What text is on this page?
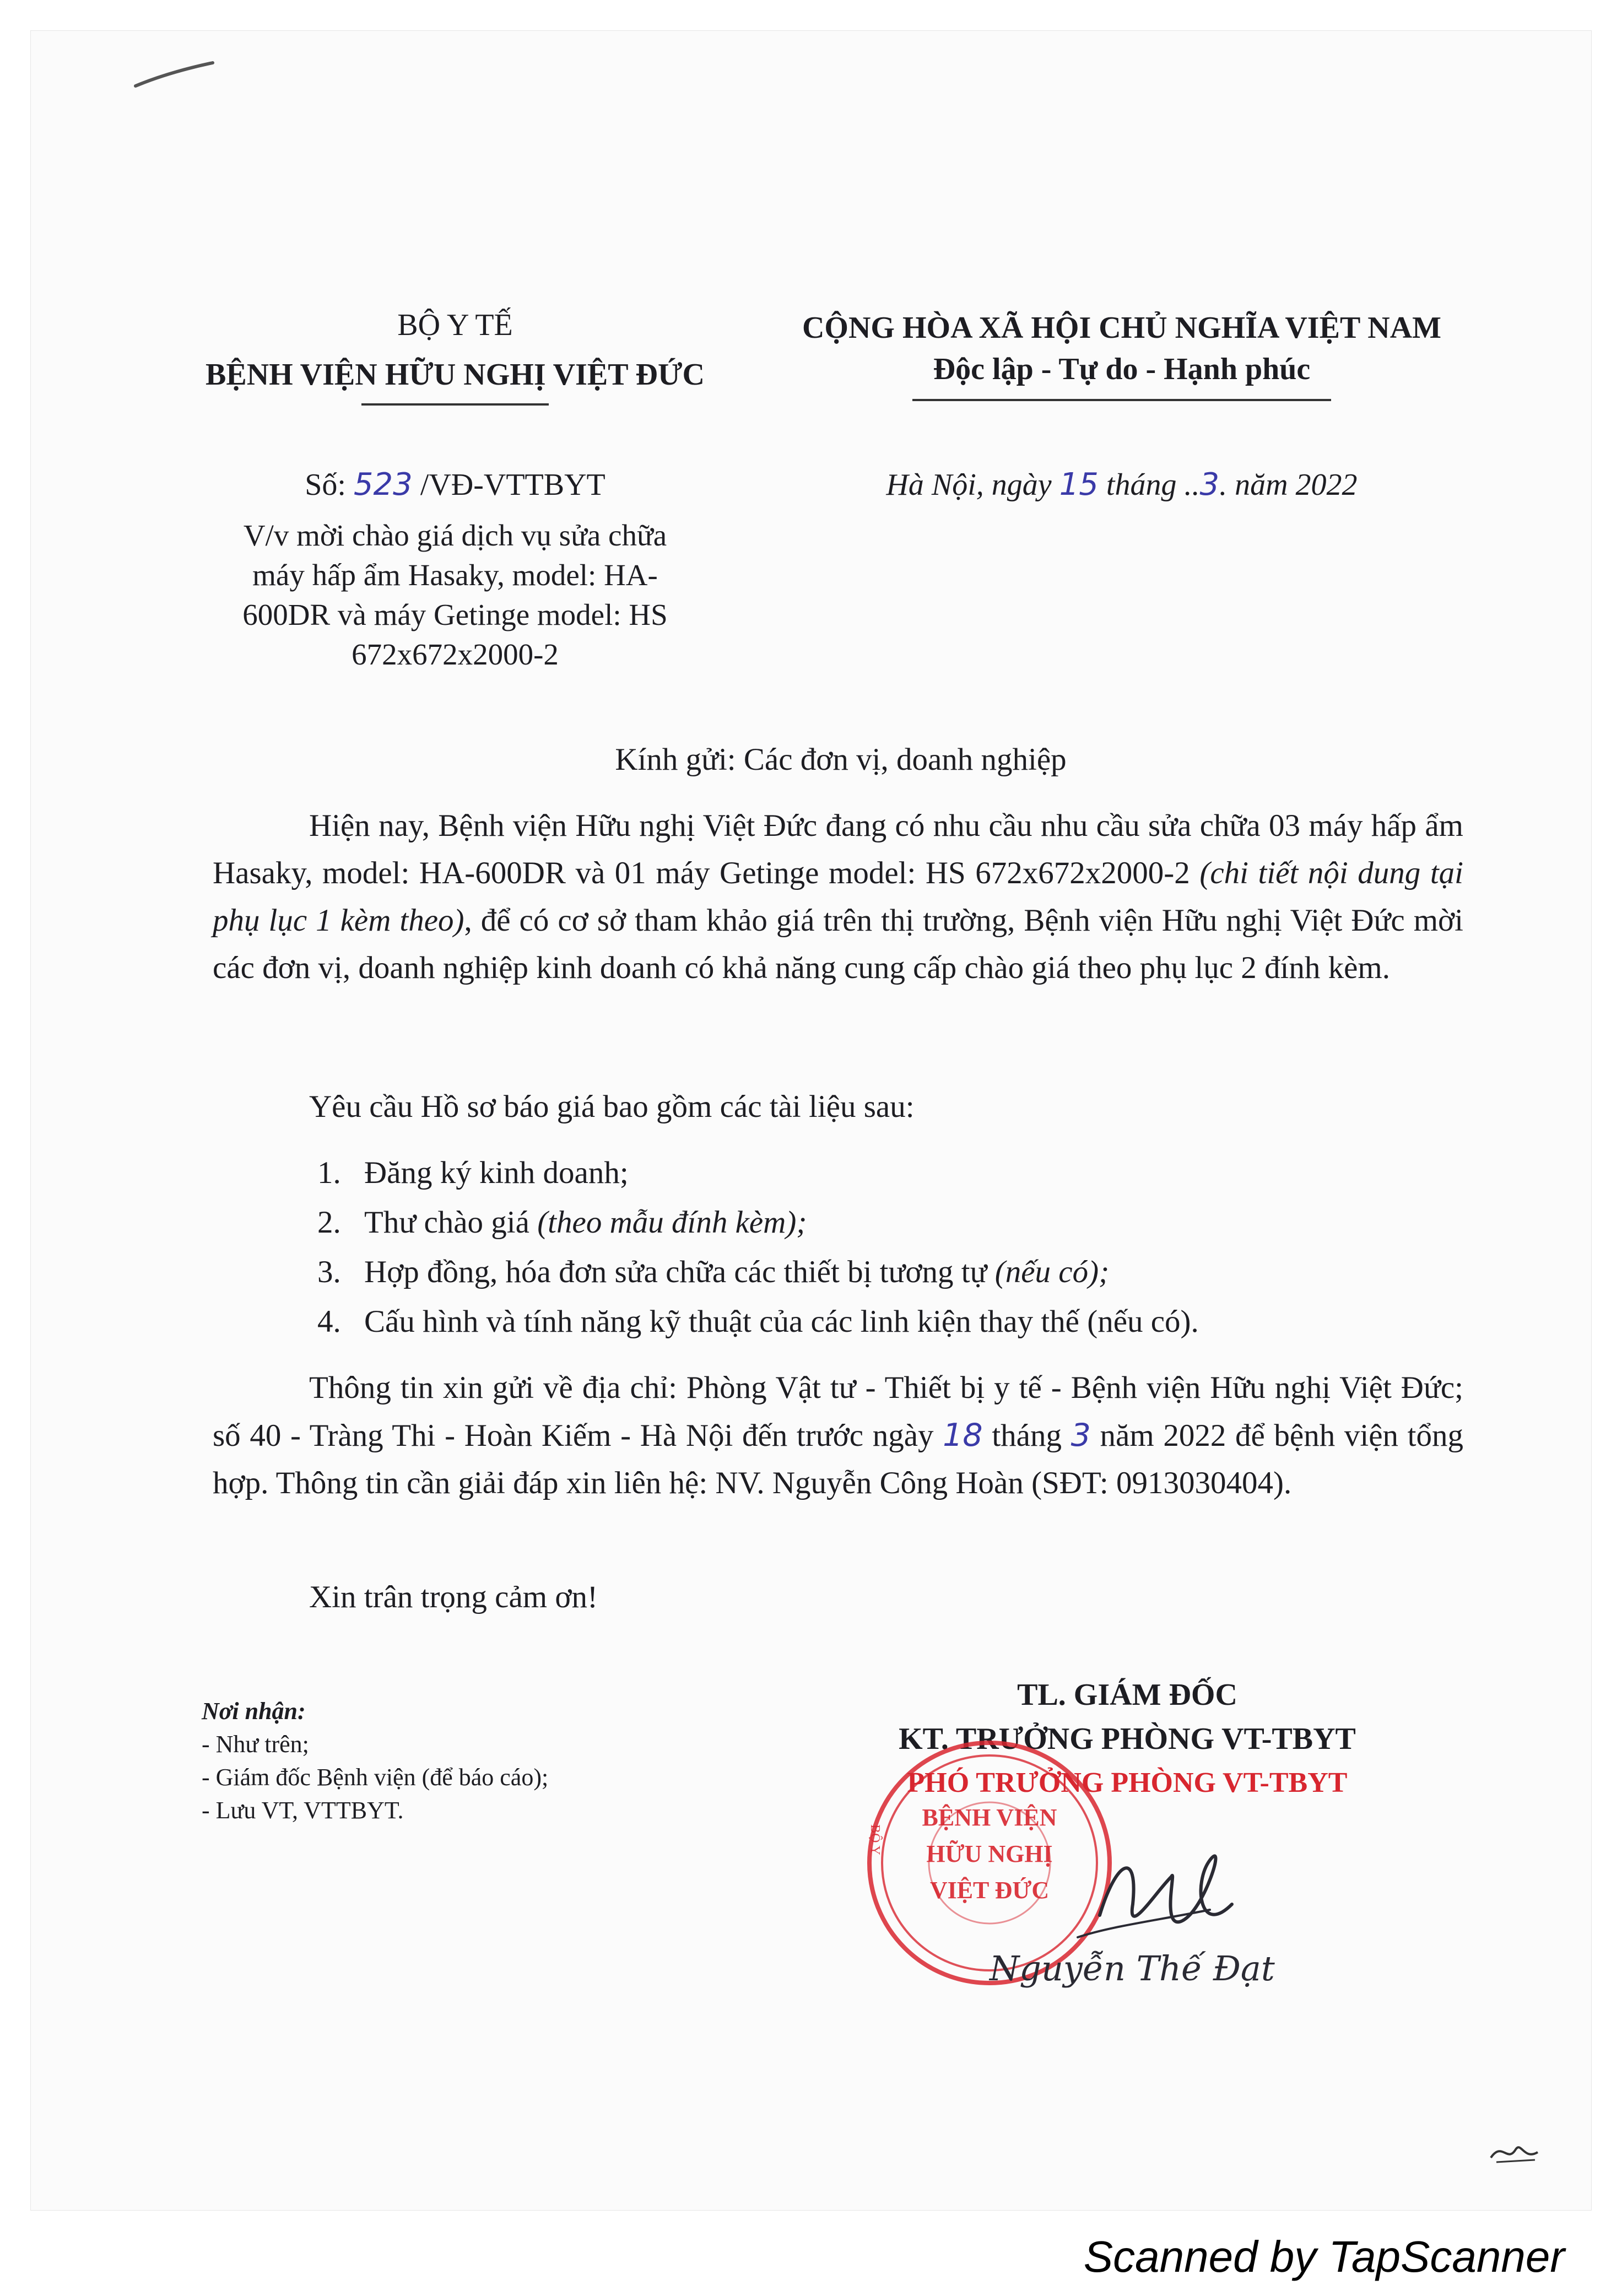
BỘ Y TẾ
BỆNH VIỆN HỮU NGHỊ VIỆT ĐỨC
CỘNG HÒA XÃ HỘI CHỦ NGHĨA VIỆT NAM
Độc lập - Tự do - Hạnh phúc
Số: 523 /VĐ-VTTBYT
V/v mời chào giá dịch vụ sửa chữa
máy hấp ẩm Hasaky, model: HA-
600DR và máy Getinge model: HS
672x672x2000-2
Hà Nội, ngày 15 tháng ..3. năm 2022
Kính gửi: Các đơn vị, doanh nghiệp

Hiện nay, Bệnh viện Hữu nghị Việt Đức đang có nhu cầu nhu cầu sửa chữa 03 máy hấp ẩm Hasaky, model: HA-600DR và 01 máy Getinge model: HS 672x672x2000-2 (chi tiết nội dung tại phụ lục 1 kèm theo), để có cơ sở tham khảo giá trên thị trường, Bệnh viện Hữu nghị Việt Đức mời các đơn vị, doanh nghiệp kinh doanh có khả năng cung cấp chào giá theo phụ lục 2 đính kèm.

Yêu cầu Hồ sơ báo giá bao gồm các tài liệu sau:
1. Đăng ký kinh doanh;
2. Thư chào giá (theo mẫu đính kèm);
3. Hợp đồng, hóa đơn sửa chữa các thiết bị tương tự (nếu có);
4. Cấu hình và tính năng kỹ thuật của các linh kiện thay thế (nếu có).

Thông tin xin gửi về địa chỉ: Phòng Vật tư - Thiết bị y tế - Bệnh viện Hữu nghị Việt Đức; số 40 - Tràng Thi - Hoàn Kiếm - Hà Nội đến trước ngày 18 tháng 3 năm 2022 để bệnh viện tổng hợp. Thông tin cần giải đáp xin liên hệ: NV. Nguyễn Công Hoàn (SĐT: 0913030404).

Xin trân trọng cảm ơn!
Nơi nhận:
- Như trên;
- Giám đốc Bệnh viện (để báo cáo);
- Lưu VT, VTTBYT.
TL. GIÁM ĐỐC
KT. TRƯỞNG PHÒNG VT-TBYT
PHÓ TRƯỞNG PHÒNG VT-TBYT
BỆNH VIỆN
HỮU NGHỊ
VIỆT ĐỨC
BỘ Y
Nguyễn Thế Đạt
Scanned by TapScanner
